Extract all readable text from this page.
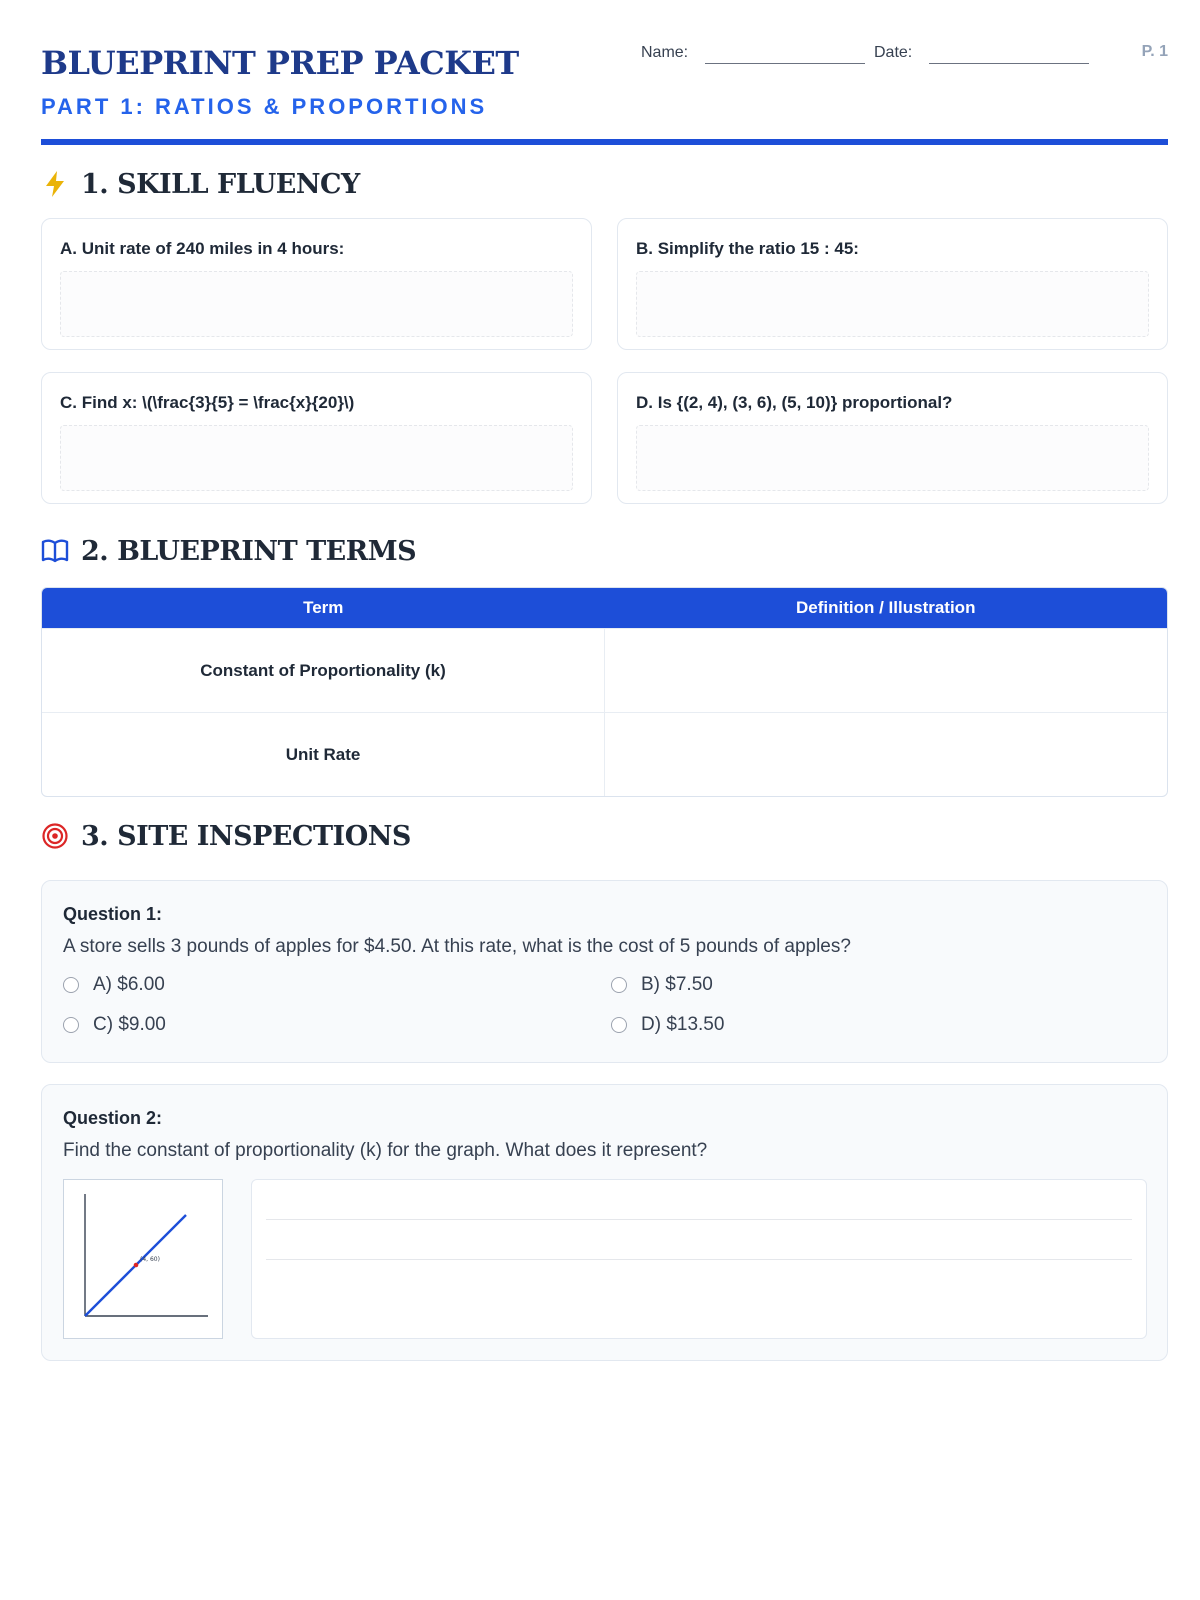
BLUEPRINT PREP PACKET
PART 1: RATIOS & PROPORTIONS
Name:	Date:	P. 1
1. SKILL FLUENCY
A. Unit rate of 240 miles in 4 hours:	B. Simplify the ratio 15 : 45:
C. Find x: \(\frac{3}{5} = \frac{x}{20}\)	D. Is {(2, 4), (3, 6), (5, 10)} proportional?
2. BLUEPRINT TERMS
Term	Definition / Illustration
Constant of Proportionality (k)	
Unit Rate	
3. SITE INSPECTIONS
Question 1:
A store sells 3 pounds of apples for $4.50. At this rate, what is the cost of 5 pounds of apples?
A) $6.00	B) $7.50
C) $9.00	D) $13.50
Question 2:
Find the constant of proportionality (k) for the graph. What does it represent?
(4, 60)
